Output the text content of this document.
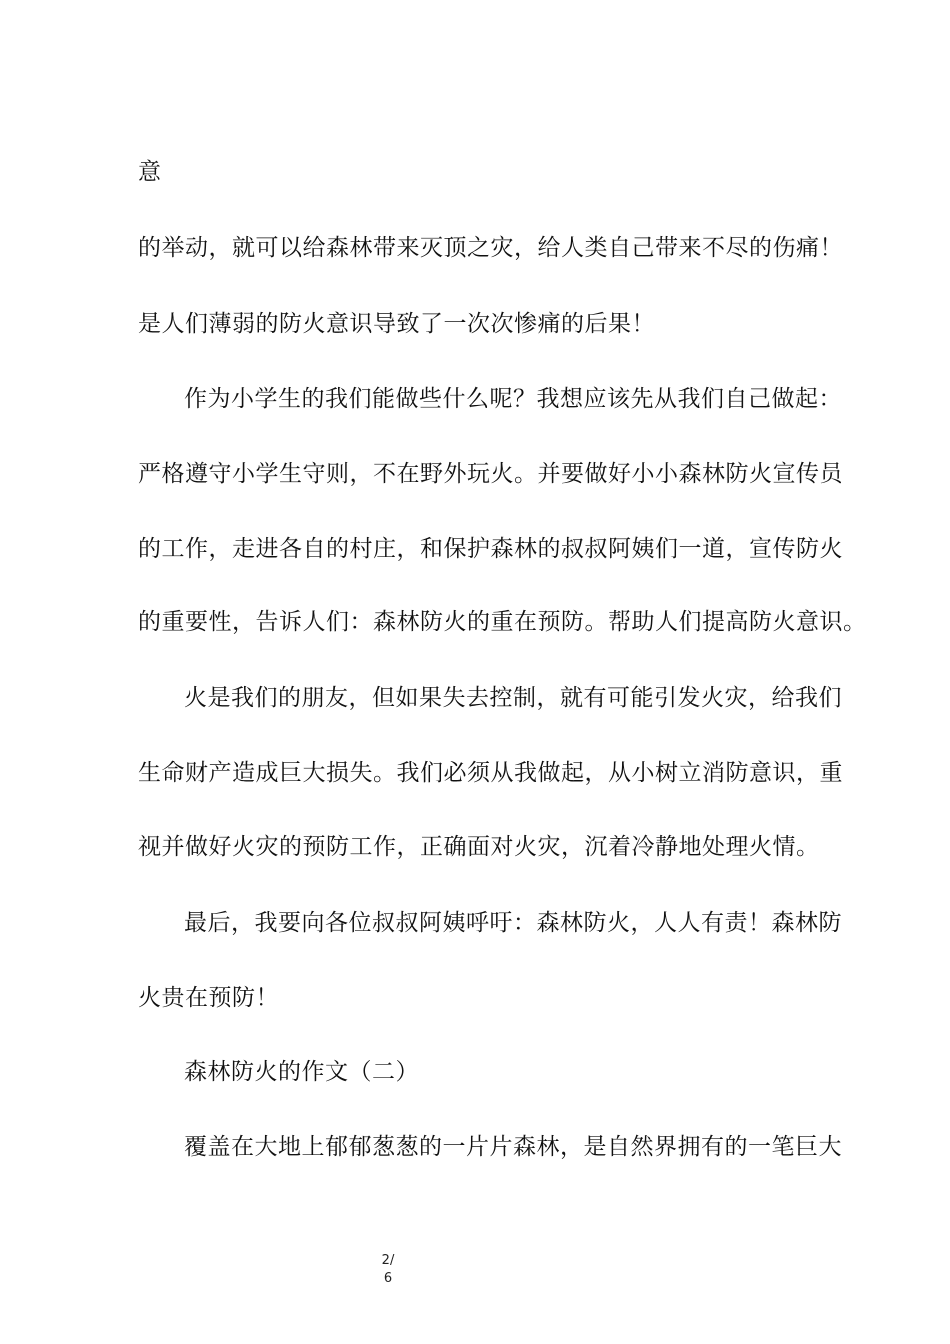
意
的举动，就可以给森林带来灭顶之灾，给人类自己带来不尽的伤痛！
是人们薄弱的防火意识导致了一次次惨痛的后果！
作为小学生的我们能做些什么呢？我想应该先从我们自己做起：
严格遵守小学生守则，不在野外玩火。并要做好小小森林防火宣传员
的工作，走进各自的村庄，和保护森林的叔叔阿姨们一道，宣传防火
的重要性，告诉人们：森林防火的重在预防。帮助人们提高防火意识。
火是我们的朋友，但如果失去控制，就有可能引发火灾，给我们
生命财产造成巨大损失。我们必须从我做起，从小树立消防意识，重
视并做好火灾的预防工作，正确面对火灾，沉着冷静地处理火情。
最后，我要向各位叔叔阿姨呼吁：森林防火，人人有责！森林防
火贵在预防！
森林防火的作文（二）
覆盖在大地上郁郁葱葱的一片片森林，是自然界拥有的一笔巨大
2/
6
